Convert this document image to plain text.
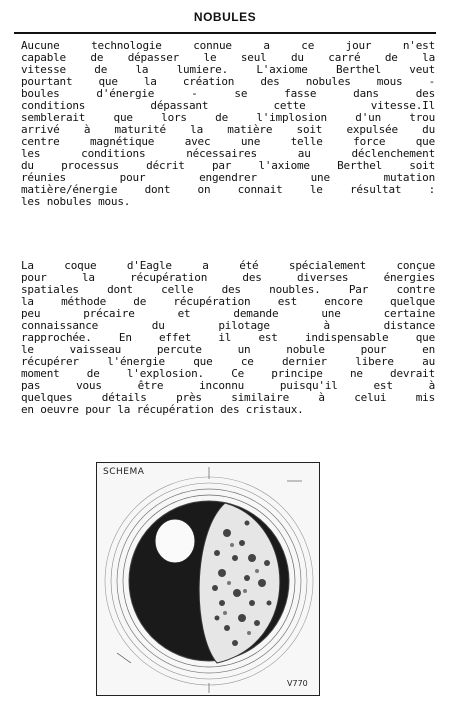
NOBULES
Aucune technologie connue a ce jour n'est
capable de dépasser le seul du carré de la
vitesse de la lumiere. L'axiome Berthel veut
pourtant que la création des nobules mous -
boules d'énergie - se fasse dans des
conditions dépassant cette vitesse.Il
semblerait que lors de l'implosion d'un trou
arrivé à maturité la matière soit expulsée du
centre magnétique avec une telle force que
les conditions nécessaires au déclenchement
du processus décrit par l'axiome Berthel soit
réunies pour engendrer une mutation
matière/énergie dont on connait le résultat :
les nobules mous.
La coque d'Eagle a été spécialement conçue
pour la récupération des diverses énergies
spatiales dont celle des noubles. Par contre
la méthode de récupération est encore quelque
peu précaire et demande une certaine
connaissance du pilotage à distance
rapprochée. En effet il est indispensable que
le vaisseau percute un nobule pour en
récupérer l'énergie que ce dernier libere au
moment de l'explosion. Ce principe ne devrait
pas vous être inconnu puisqu'il est à
quelques détails près similaire à celui mis
en oeuvre pour la récupération des cristaux.
SCHEMA
V770
